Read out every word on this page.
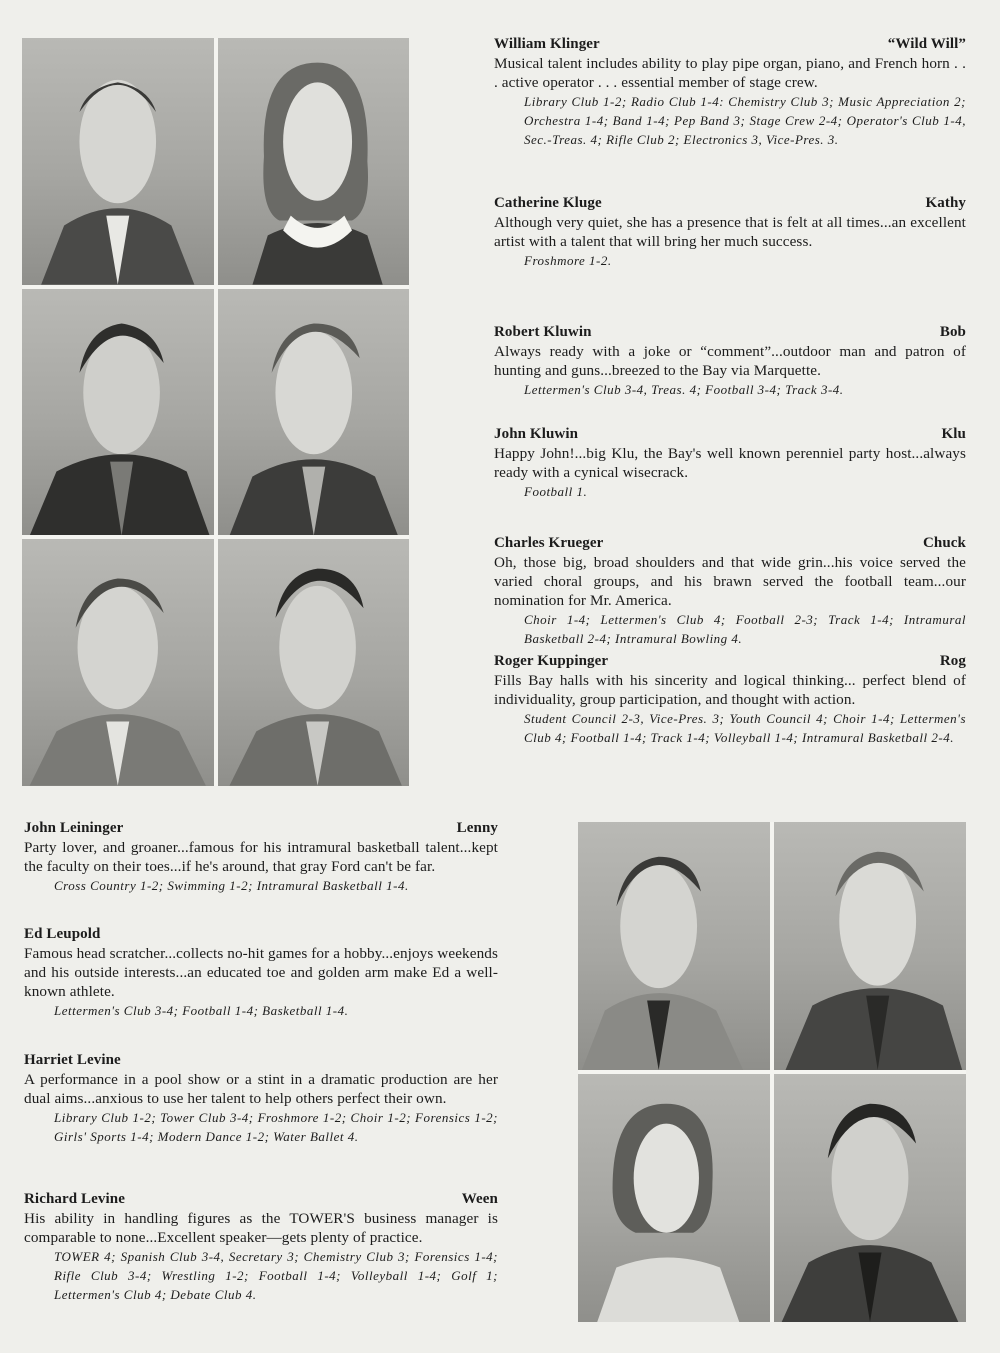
William Klinger	“Wild Will”
Musical talent includes ability to play pipe organ, piano, and French horn . . . active operator . . . essential member of stage crew.
Library Club 1-2; Radio Club 1-4: Chemistry Club 3; Music Appreciation 2; Orchestra 1-4; Band 1-4; Pep Band 3; Stage Crew 2-4; Operator's Club 1-4, Sec.-Treas. 4; Rifle Club 2; Electronics 3, Vice-Pres. 3.
Catherine Kluge	Kathy
Although very quiet, she has a presence that is felt at all times...an excellent artist with a talent that will bring her much success.
Froshmore 1-2.
Robert Kluwin	Bob
Always ready with a joke or “comment”...outdoor man and patron of hunting and guns...breezed to the Bay via Marquette.
Lettermen's Club 3-4, Treas. 4; Football 3-4; Track 3-4.
John Kluwin	Klu
Happy John!...big Klu, the Bay's well known perenniel party host...always ready with a cynical wisecrack.
Football 1.
Charles Krueger	Chuck
Oh, those big, broad shoulders and that wide grin...his voice served the varied choral groups, and his brawn served the football team...our nomination for Mr. America.
Choir 1-4; Lettermen's Club 4; Football 2-3; Track 1-4; Intramural Basketball 2-4; Intramural Bowling 4.
Roger Kuppinger	Rog
Fills Bay halls with his sincerity and logical thinking... perfect blend of individuality, group participation, and thought with action.
Student Council 2-3, Vice-Pres. 3; Youth Council 4; Choir 1-4; Lettermen's Club 4; Football 1-4; Track 1-4; Volleyball 1-4; Intramural Basketball 2-4.
John Leininger	Lenny
Party lover, and groaner...famous for his intramural basketball talent...kept the faculty on their toes...if he's around, that gray Ford can't be far.
Cross Country 1-2; Swimming 1-2; Intramural Basketball 1-4.
Ed Leupold
Famous head scratcher...collects no-hit games for a hobby...enjoys weekends and his outside interests...an educated toe and golden arm make Ed a well-known athlete.
Lettermen's Club 3-4; Football 1-4; Basketball 1-4.
Harriet Levine
A performance in a pool show or a stint in a dramatic production are her dual aims...anxious to use her talent to help others perfect their own.
Library Club 1-2; Tower Club 3-4; Froshmore 1-2; Choir 1-2; Forensics 1-2; Girls' Sports 1-4; Modern Dance 1-2; Water Ballet 4.
Richard Levine	Ween
His ability in handling figures as the TOWER'S business manager is comparable to none...Excellent speaker—gets plenty of practice.
TOWER 4; Spanish Club 3-4, Secretary 3; Chemistry Club 3; Forensics 1-4; Rifle Club 3-4; Wrestling 1-2; Football 1-4; Volleyball 1-4; Golf 1; Lettermen's Club 4; Debate Club 4.
